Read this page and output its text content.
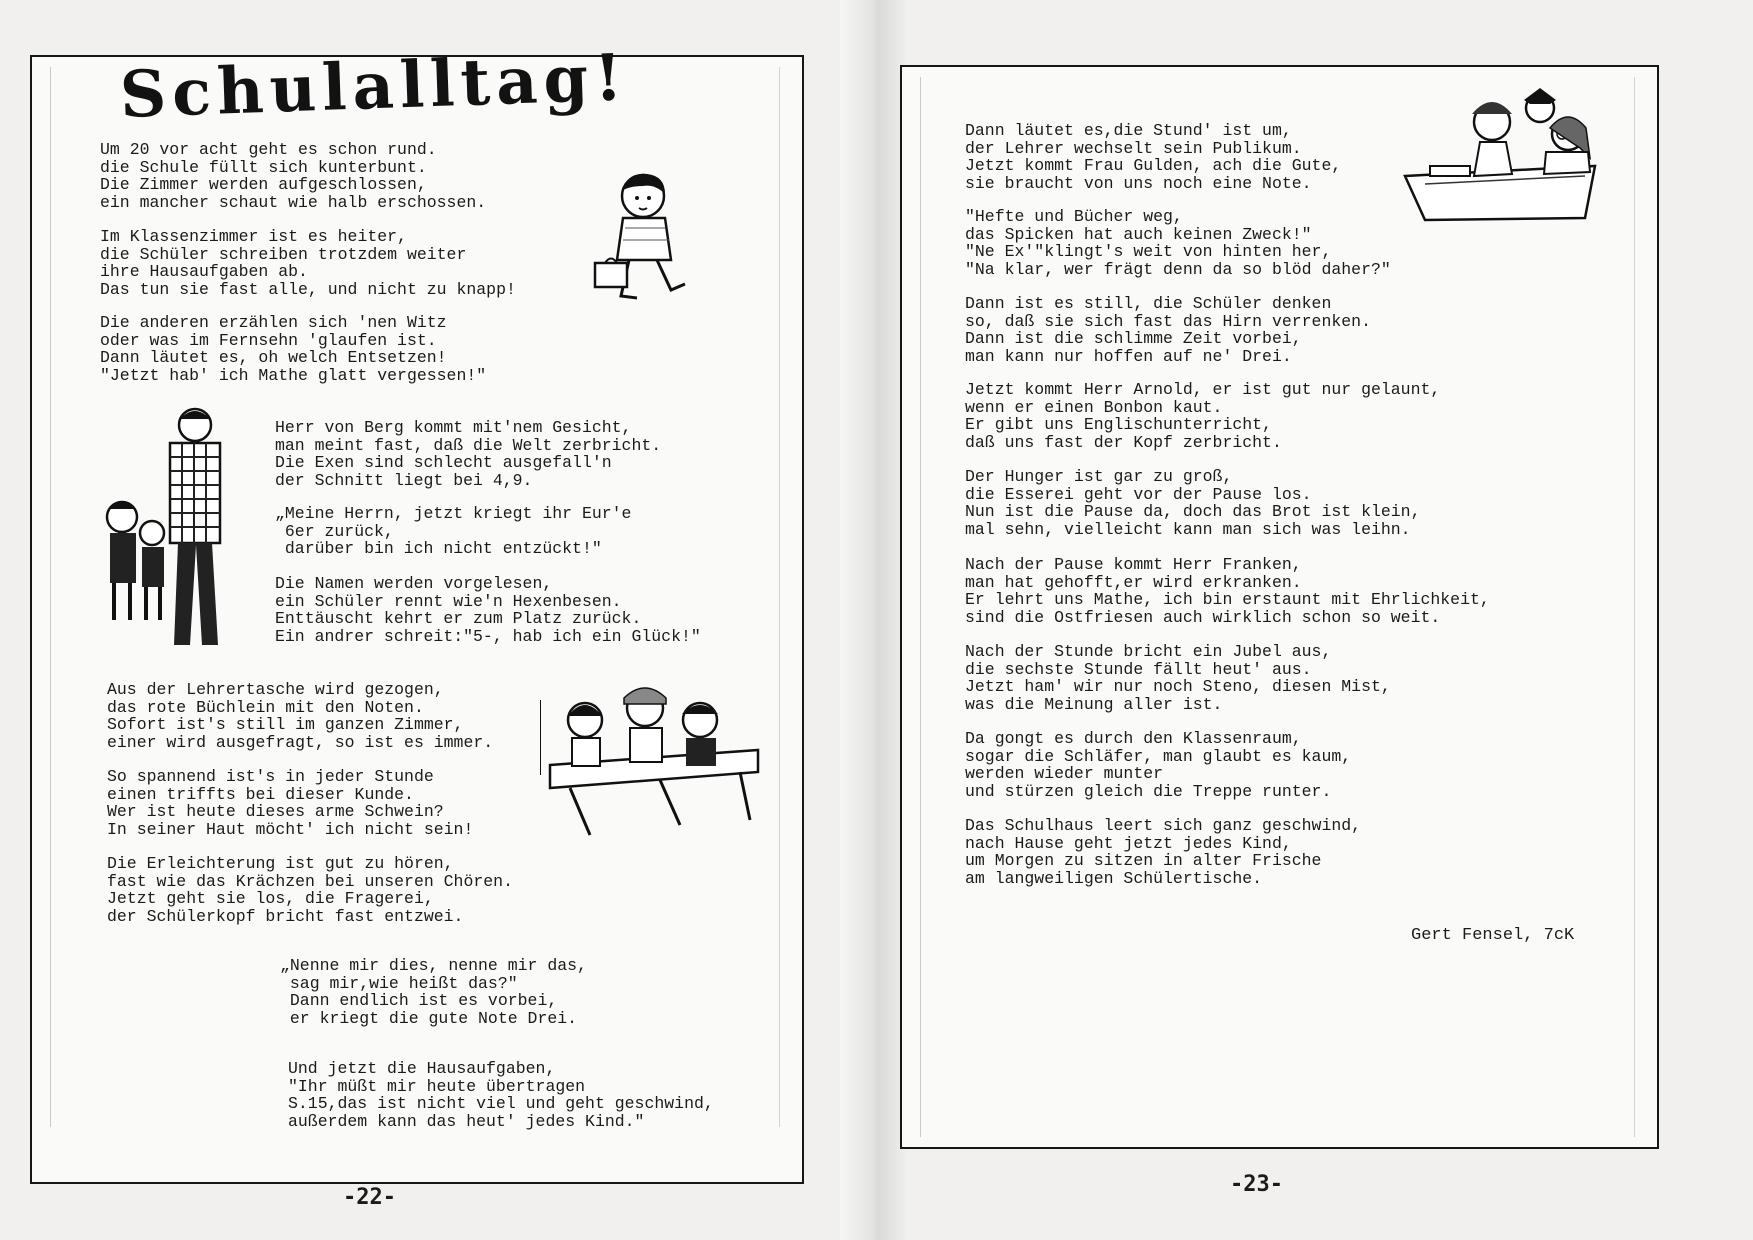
Schulalltag!
Um 20 vor acht geht es schon rund.
die Schule füllt sich kunterbunt.
Die Zimmer werden aufgeschlossen,
ein mancher schaut wie halb erschossen.
Im Klassenzimmer ist es heiter,
die Schüler schreiben trotzdem weiter
ihre Hausaufgaben ab.
Das tun sie fast alle, und nicht zu knapp!
Die anderen erzählen sich 'nen Witz
oder was im Fernsehn 'glaufen ist.
Dann läutet es, oh welch Entsetzen!
"Jetzt hab' ich Mathe glatt vergessen!"
Herr von Berg kommt mit'nem Gesicht,
man meint fast, daß die Welt zerbricht.
Die Exen sind schlecht ausgefall'n
der Schnitt liegt bei 4,9.
„Meine Herrn, jetzt kriegt ihr Eur'e
6er zurück,
darüber bin ich nicht entzückt!"
Die Namen werden vorgelesen,
ein Schüler rennt wie'n Hexenbesen.
Enttäuscht kehrt er zum Platz zurück.
Ein andrer schreit:"5-, hab ich ein Glück!"
Aus der Lehrertasche wird gezogen,
das rote Büchlein mit den Noten.
Sofort ist's still im ganzen Zimmer,
einer wird ausgefragt, so ist es immer.
So spannend ist's in jeder Stunde
einen triffts bei dieser Kunde.
Wer ist heute dieses arme Schwein?
In seiner Haut möcht' ich nicht sein!
Die Erleichterung ist gut zu hören,
fast wie das Krächzen bei unseren Chören.
Jetzt geht sie los, die Fragerei,
der Schülerkopf bricht fast entzwei.
„Nenne mir dies, nenne mir das,
sag mir,wie heißt das?"
Dann endlich ist es vorbei,
er kriegt die gute Note Drei.
Und jetzt die Hausaufgaben,
"Ihr müßt mir heute übertragen
S.15,das ist nicht viel und geht geschwind,
außerdem kann das heut' jedes Kind."
-22-
Dann läutet es,die Stund' ist um,
der Lehrer wechselt sein Publikum.
Jetzt kommt Frau Gulden, ach die Gute,
sie braucht von uns noch eine Note.
"Hefte und Bücher weg,
das Spicken hat auch keinen Zweck!"
"Ne Ex'"klingt's weit von hinten her,
"Na klar, wer frägt denn da so blöd daher?"
Dann ist es still, die Schüler denken
so, daß sie sich fast das Hirn verrenken.
Dann ist die schlimme Zeit vorbei,
man kann nur hoffen auf ne' Drei.
Jetzt kommt Herr Arnold, er ist gut nur gelaunt,
wenn er einen Bonbon kaut.
Er gibt uns Englischunterricht,
daß uns fast der Kopf zerbricht.
Der Hunger ist gar zu groß,
die Esserei geht vor der Pause los.
Nun ist die Pause da, doch das Brot ist klein,
mal sehn, vielleicht kann man sich was leihn.
Nach der Pause kommt Herr Franken,
man hat gehofft,er wird erkranken.
Er lehrt uns Mathe, ich bin erstaunt mit Ehrlichkeit,
sind die Ostfriesen auch wirklich schon so weit.
Nach der Stunde bricht ein Jubel aus,
die sechste Stunde fällt heut' aus.
Jetzt ham' wir nur noch Steno, diesen Mist,
was die Meinung aller ist.
Da gongt es durch den Klassenraum,
sogar die Schläfer, man glaubt es kaum,
werden wieder munter
und stürzen gleich die Treppe runter.
Das Schulhaus leert sich ganz geschwind,
nach Hause geht jetzt jedes Kind,
um Morgen zu sitzen in alter Frische
am langweiligen Schülertische.
Gert Fensel, 7cK
-23-
